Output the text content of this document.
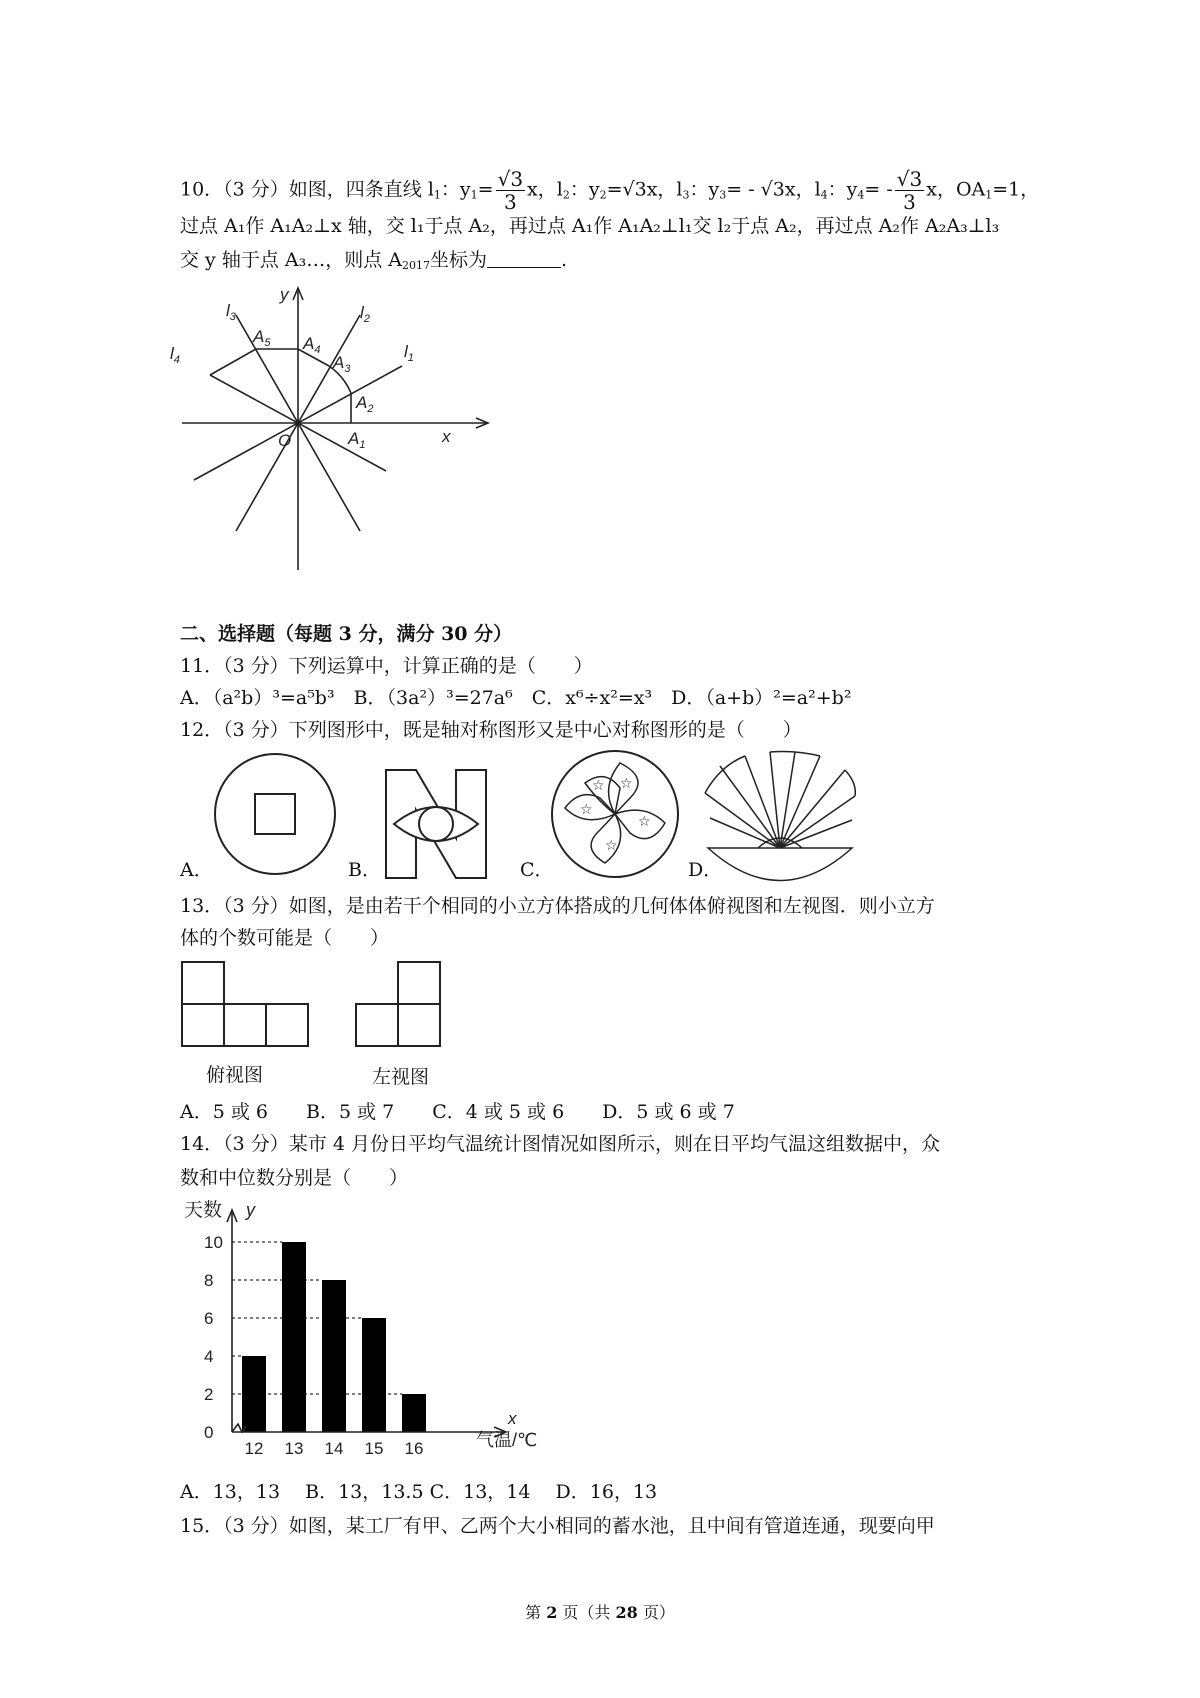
10．（3 分）如图，四条直线 $l_1$：$y_1= \frac{√3}{3}$ x，$l_2$：$y_2=√3x$，$l_3$：$y_3= - √3x$，$l_4$：$y_4= - \frac{√3}{3}$ x，$OA_1=1$，
过点 A₁作 A₁A₂⊥x 轴，交 l₁于点 A₂，再过点 A₁作 A₁A₂⊥l₁交 l₂于点 A₂，再过点 A₂作 A₂A₃⊥l₃
交 y 轴于点 A₃…，则点 $A_{2017}$坐标为	.
y
x
O
$l_3$	$l_2$
$l_1$
$l_4$
$A_5$ $A_4$
$A_3$
$A_2$
$A_1$
二、选择题（每题 3 分，满分 30 分）
11．（3 分）下列运算中，计算正确的是（　　）
A．（a²b）³=a⁵b³　B．（3a²）³=27a⁶　C．x⁶÷x²=x³　D．（a+b）²=a²+b²
12．（3 分）下列图形中，既是轴对称图形又是中心对称图形的是（　　）
☆
☆
☆
☆
☆
A．	B．	C．	D．
13．（3 分）如图，是由若干个相同的小立方体搭成的几何体体俯视图和左视图．则小立方
体的个数可能是（　　）
俯视图	左视图
A．5 或 6　　B．5 或 7　　C．4 或 5 或 6　　D．5 或 6 或 7
14．（3 分）某市 4 月份日平均气温统计图情况如图所示，则在日平均气温这组数据中，众
数和中位数分别是（　　）
天数 y
x
气温/℃
0
2
4
6
8
10
12 13 14 15 16
A．13，13　 B．13，13.5 C．13，14　 D．16，13
15．（3 分）如图，某工厂有甲、乙两个大小相同的蓄水池，且中间有管道连通，现要向甲
第 2 页（共 28 页）
